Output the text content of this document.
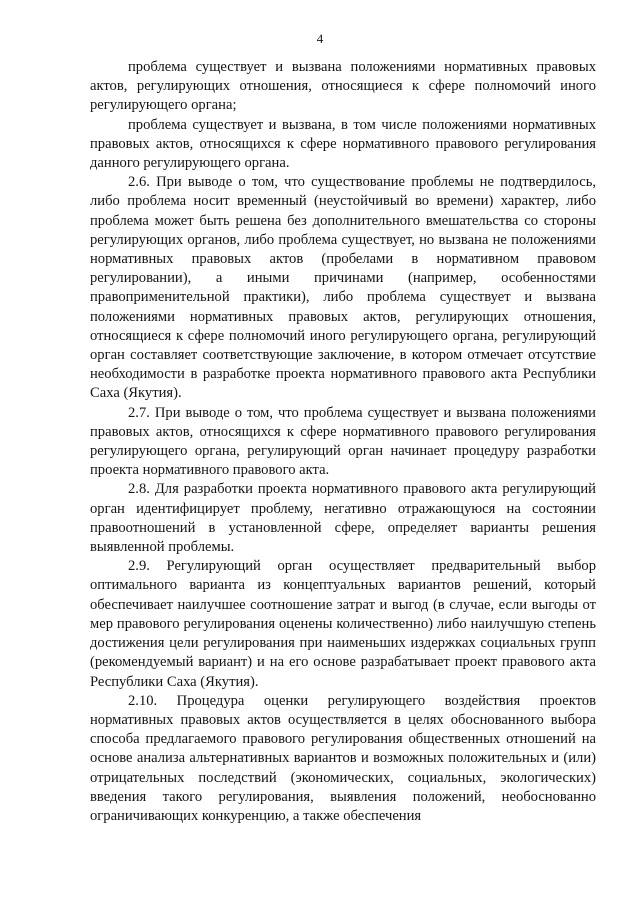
4

проблема существует и вызвана положениями нормативных правовых актов, регулирующих отношения, относящиеся к сфере полномочий иного регулирующего органа;

проблема существует и вызвана, в том числе положениями нормативных правовых актов, относящихся к сфере нормативного правового регулирования данного регулирующего органа.

2.6. При выводе о том, что существование проблемы не подтвердилось, либо проблема носит временный (неустойчивый во времени) характер, либо проблема может быть решена без дополнительного вмешательства со стороны регулирующих органов, либо проблема существует, но вызвана не положениями нормативных правовых актов (пробелами в нормативном правовом регулировании), а иными причинами (например, особенностями правоприменительной практики), либо проблема существует и вызвана положениями нормативных правовых актов, регулирующих отношения, относящиеся к сфере полномочий иного регулирующего органа, регулирующий орган составляет соответствующие заключение, в котором отмечает отсутствие необходимости в разработке проекта нормативного правового акта Республики Саха (Якутия).

2.7. При выводе о том, что проблема существует и вызвана положениями правовых актов, относящихся к сфере нормативного правового регулирования регулирующего органа, регулирующий орган начинает процедуру разработки проекта нормативного правового акта.

2.8. Для разработки проекта нормативного правового акта регулирующий орган идентифицирует проблему, негативно отражающуюся на состоянии правоотношений в установленной сфере, определяет варианты решения выявленной проблемы.

2.9. Регулирующий орган осуществляет предварительный выбор оптимального варианта из концептуальных вариантов решений, который обеспечивает наилучшее соотношение затрат и выгод (в случае, если выгоды от мер правового регулирования оценены количественно) либо наилучшую степень достижения цели регулирования при наименьших издержках социальных групп (рекомендуемый вариант) и на его основе разрабатывает проект правового акта Республики Саха (Якутия).

2.10. Процедура оценки регулирующего воздействия проектов нормативных правовых актов осуществляется в целях обоснованного выбора способа предлагаемого правового регулирования общественных отношений на основе анализа альтернативных вариантов и возможных положительных и (или) отрицательных последствий (экономических, социальных, экологических) введения такого регулирования, выявления положений, необоснованно ограничивающих конкуренцию, а также обеспечения
